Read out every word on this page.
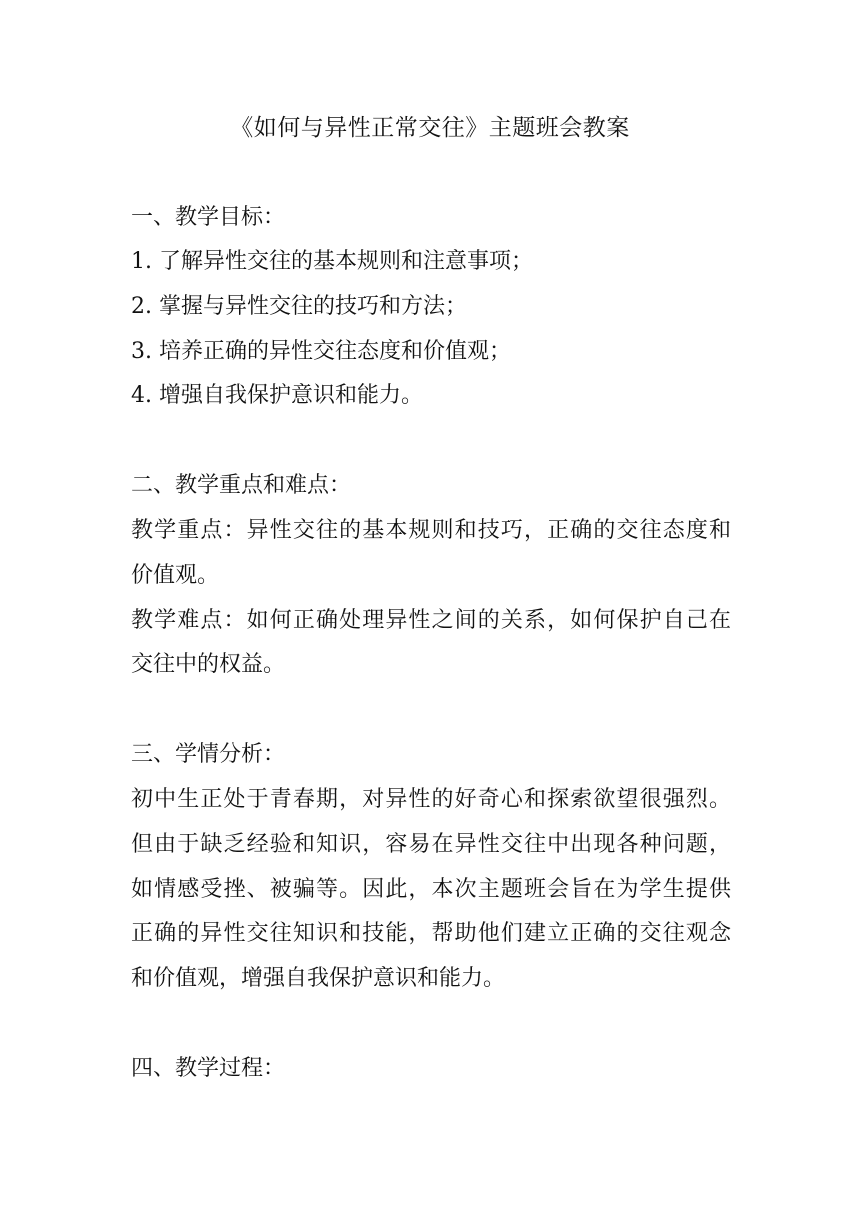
《如何与异性正常交往》主题班会教案
一、教学目标：
1. 了解异性交往的基本规则和注意事项；
2. 掌握与异性交往的技巧和方法；
3. 培养正确的异性交往态度和价值观；
4. 增强自我保护意识和能力。
二、教学重点和难点：
教学重点：异性交往的基本规则和技巧，正确的交往态度和
价值观。
教学难点：如何正确处理异性之间的关系，如何保护自己在
交往中的权益。
三、学情分析：
初中生正处于青春期，对异性的好奇心和探索欲望很强烈。
但由于缺乏经验和知识，容易在异性交往中出现各种问题，
如情感受挫、被骗等。因此，本次主题班会旨在为学生提供
正确的异性交往知识和技能，帮助他们建立正确的交往观念
和价值观，增强自我保护意识和能力。
四、教学过程：
